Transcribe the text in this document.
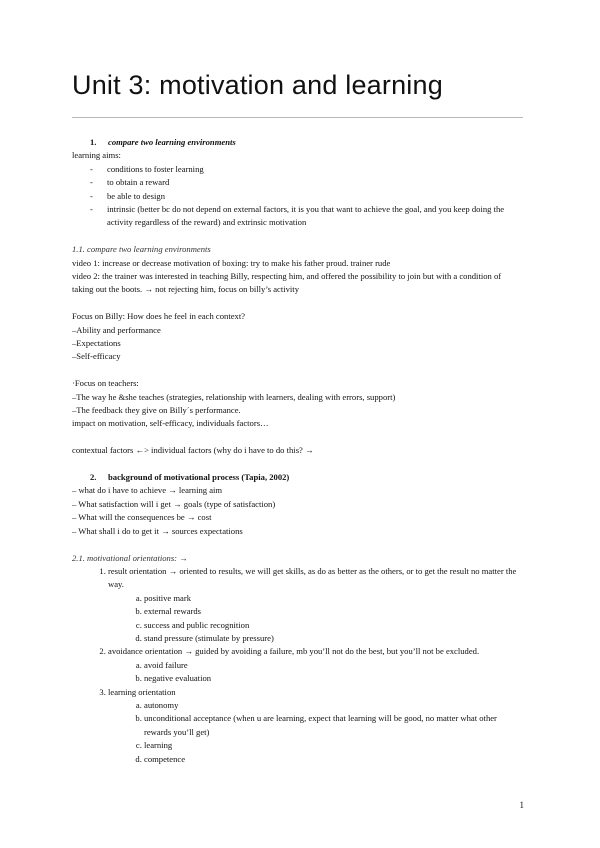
Unit 3: motivation and learning
1. compare two learning environments

learning aims:

- conditions to foster learning
- to obtain a reward
- be able to design
- intrinsic (better bc do not depend on external factors, it is you that want to achieve the goal, and you keep doing the activity regardless of the reward) and extrinsic motivation

1.1. compare two learning environments

video 1: increase or decrease motivation of boxing: try to make his father proud. trainer rude

video 2: the trainer was interested in teaching Billy, respecting him, and offered the possibility to join but with a condition of taking out the boots. → not rejecting him, focus on billy’s activity

Focus on Billy: How does he feel in each context?

–Ability and performance

–Expectations

–Self-efficacy

·Focus on teachers:

–The way he &she teaches (strategies, relationship with learners, dealing with errors, support)

–The feedback they give on Billy´s performance.

impact on motivation, self-efficacy, individuals factors…

contextual factors ←> individual factors (why do i have to do this? →

2. background of motivational process (Tapia, 2002)

– what do i have to achieve → learning aim

– What satisfaction will i get → goals (type of satisfaction)

– What will the consequences be → cost

– What shall i do to get it → sources expectations

2.1. motivational orientations: →

1. result orientation → oriented to results, we will get skills, as do as better as the others, or to get the result no matter the way.
a. positive mark
b. external rewards
c. success and public recognition
d. stand pressure (stimulate by pressure)
2. avoidance orientation → guided by avoiding a failure, mb you’ll not do the best, but you’ll not be excluded.
a. avoid failure
b. negative evaluation
3. learning orientation
a. autonomy
b. unconditional acceptance (when u are learning, expect that learning will be good, no matter what other rewards you’ll get)
c. learning
d. competence
1
